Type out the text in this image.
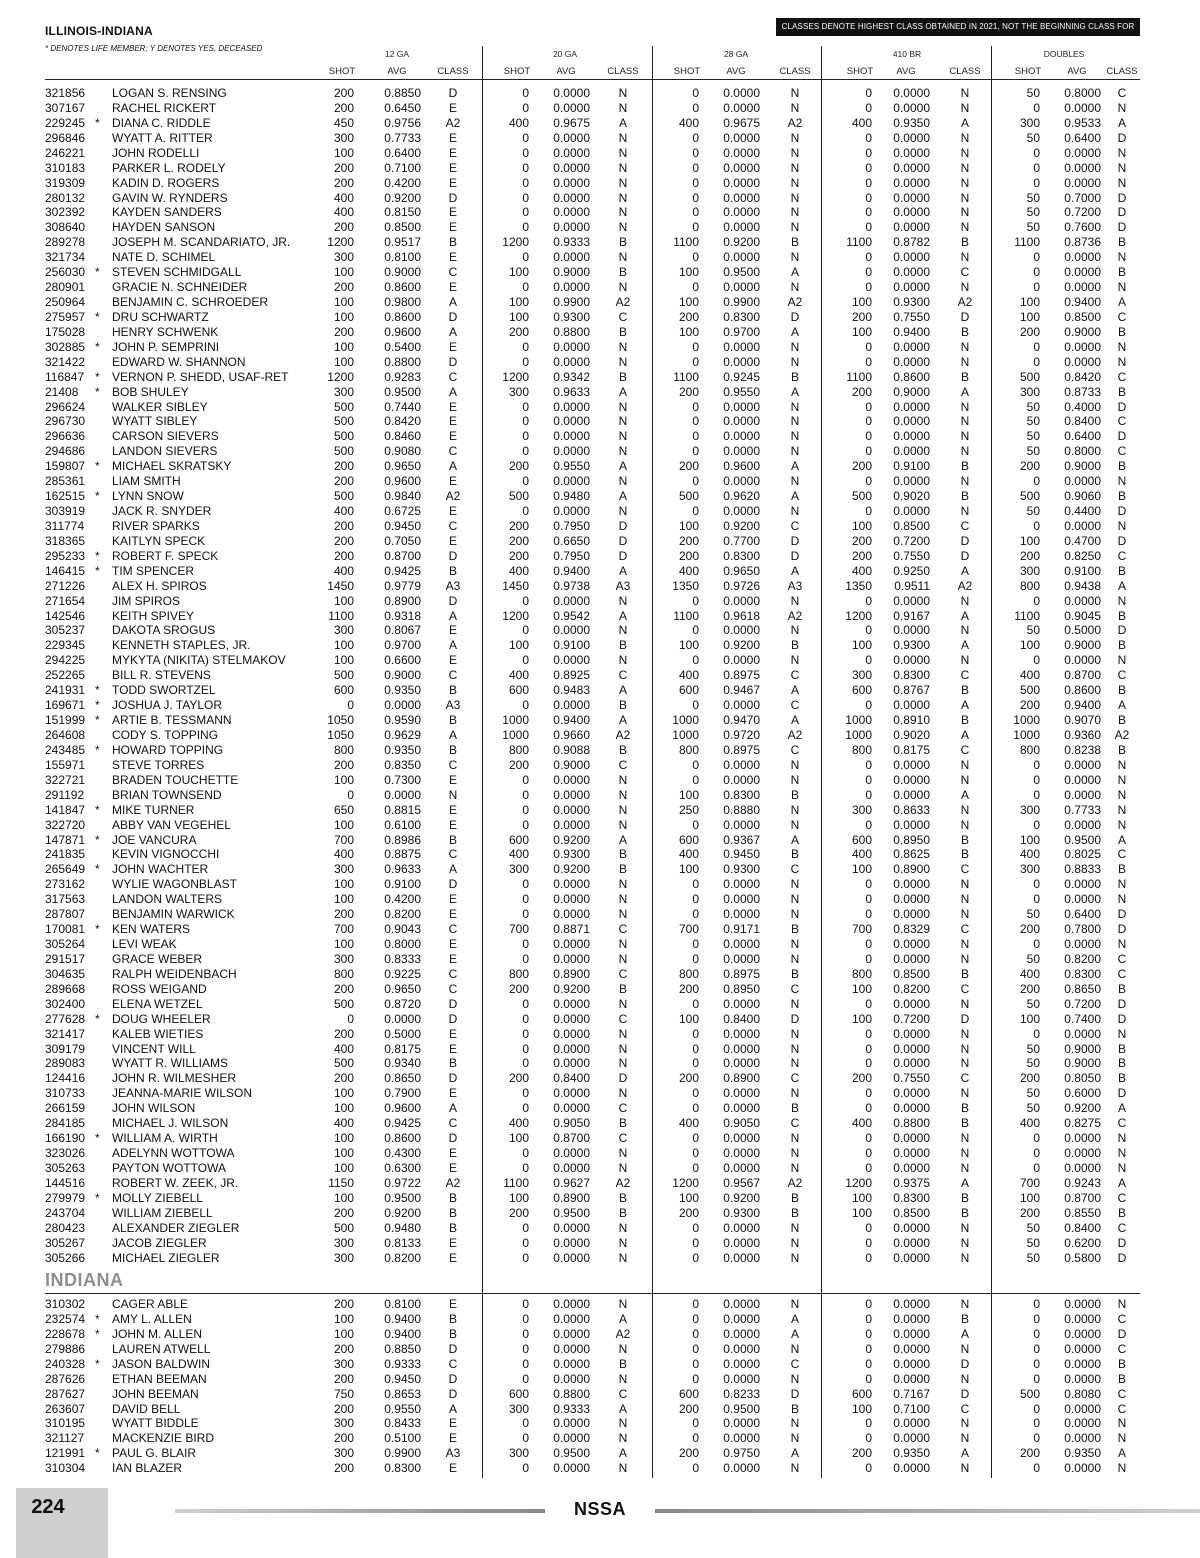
ILLINOIS-INDIANA
* DENOTES LIFE MEMBER; Y DENOTES YES, DECEASED
CLASSES DENOTE HIGHEST CLASS OBTAINED IN 2021, NOT THE BEGINNING CLASS FOR 2022.
12 GA
SHOT	AVG	CLASS
20 GA
SHOT	AVG	CLASS
28 GA
SHOT	AVG	CLASS
410 BR
SHOT AVG	CLASS
DOUBLES
SHOT	AVG CLASS
321856 LOGAN S. RENSING	200	0.8850 D	0	0.0000 N	0	0.0000	N	0	0.0000	N	50	0.8000 C
307167 RACHEL RICKERT	200	0.6450 E	0	0.0000 N	0	0.0000	N	0	0.0000	N	0	0.0000 N
229245 * DIANA C. RIDDLE	450	0.9756 A2	400	0.9675 A	400	0.9675 A2	400	0.9350	A	300	0.9533 A
296846 WYATT A. RITTER	300	0.7733 E	0	0.0000 N	0	0.0000	N	0	0.0000	N	50	0.6400 D
246221 JOHN RODELLI	100	0.6400 E	0	0.0000 N	0	0.0000	N	0	0.0000	N	0	0.0000 N
310183 PARKER L. RODELY	200	0.7100 E	0	0.0000 N	0	0.0000	N	0	0.0000	N	0	0.0000 N
319309 KADIN D. ROGERS	200	0.4200 E	0	0.0000 N	0	0.0000	N	0	0.0000	N	0	0.0000 N
280132 GAVIN W. RYNDERS	400	0.9200 D	0	0.0000 N	0	0.0000	N	0	0.0000	N	50	0.7000 D
302392 KAYDEN SANDERS	400	0.8150 E	0	0.0000 N	0	0.0000	N	0	0.0000	N	50	0.7200 D
308640 HAYDEN SANSON	200	0.8500 E	0	0.0000 N	0	0.0000	N	0	0.0000	N	50	0.7600 D
289278 JOSEPH M. SCANDARIATO, JR.	1200	0.9517 B	1200	0.9333 B	1100	0.9200	B	1100	0.8782	B	1100	0.8736 B
321734 NATE D. SCHIMEL	300	0.8100 E	0	0.0000 N	0	0.0000	N	0	0.0000	N	0	0.0000 N
256030 * STEVEN SCHMIDGALL	100	0.9000 C	100	0.9000 B	100	0.9500	A	0	0.0000	C	0	0.0000 B
280901 GRACIE N. SCHNEIDER	200	0.8600 E	0	0.0000 N	0	0.0000	N	0	0.0000	N	0	0.0000 N
250964 BENJAMIN C. SCHROEDER	100	0.9800 A	100	0.9900 A2	100	0.9900 A2	100	0.9300 A2	100	0.9400 A
275957 * DRU SCHWARTZ	100	0.8600 D	100	0.9300 C	200	0.8300	D	200	0.7550	D	100	0.8500 C
175028 HENRY SCHWENK	200	0.9600 A	200	0.8800 B	100	0.9700	A	100	0.9400	B	200	0.9000 B
302885 * JOHN P. SEMPRINI	100	0.5400 E	0	0.0000 N	0	0.0000	N	0	0.0000	N	0	0.0000 N
321422 EDWARD W. SHANNON	100	0.8800 D	0	0.0000 N	0	0.0000	N	0	0.0000	N	0	0.0000 N
116847 * VERNON P. SHEDD, USAF-RET	1200	0.9283 C	1200	0.9342 B	1100	0.9245	B	1100	0.8600	B	500	0.8420 C
21408 * BOB SHULEY	300	0.9500 A	300	0.9633 A	200	0.9550	A	200	0.9000	A	300	0.8733 B
296624 WALKER SIBLEY	500	0.7440 E	0	0.0000 N	0	0.0000	N	0	0.0000	N	50	0.4000 D
296730 WYATT SIBLEY	500	0.8420 E	0	0.0000 N	0	0.0000	N	0	0.0000	N	50	0.8400 C
296636 CARSON SIEVERS	500	0.8460 E	0	0.0000 N	0	0.0000	N	0	0.0000	N	50	0.6400 D
294686 LANDON SIEVERS	500	0.9080 C	0	0.0000 N	0	0.0000	N	0	0.0000	N	50	0.8000 C
159807 * MICHAEL SKRATSKY	200	0.9650 A	200	0.9550 A	200	0.9600	A	200	0.9100	B	200	0.9000 B
285361 LIAM SMITH	200	0.9600 E	0	0.0000 N	0	0.0000	N	0	0.0000	N	0	0.0000 N
162515 * LYNN SNOW	500	0.9840 A2	500	0.9480 A	500	0.9620	A	500	0.9020	B	500	0.9060 B
303919 JACK R. SNYDER	400	0.6725 E	0	0.0000 N	0	0.0000	N	0	0.0000	N	50	0.4400 D
311774 RIVER SPARKS	200	0.9450 C	200	0.7950 D	100	0.9200	C	100	0.8500	C	0	0.0000 N
318365 KAITLYN SPECK	200	0.7050 E	200	0.6650 D	200	0.7700	D	200	0.7200	D	100	0.4700 D
295233 * ROBERT F. SPECK	200	0.8700 D	200	0.7950 D	200	0.8300	D	200	0.7550	D	200	0.8250 C
146415 * TIM SPENCER	400	0.9425 B	400	0.9400 A	400	0.9650	A	400	0.9250	A	300	0.9100 B
271226 ALEX H. SPIROS	1450	0.9779 A3	1450	0.9738 A3	1350	0.9726 A3	1350	0.9511 A2	800	0.9438 A
271654 JIM SPIROS	100	0.8900 D	0	0.0000 N	0	0.0000	N	0	0.0000	N	0	0.0000 N
142546 KEITH SPIVEY	1100	0.9318 A	1200	0.9542 A	1100	0.9618 A2	1200	0.9167	A	1100	0.9045 B
305237 DAKOTA SROGUS	300	0.8067 E	0	0.0000 N	0	0.0000	N	0	0.0000	N	50	0.5000 D
229345 KENNETH STAPLES, JR.	100	0.9700 A	100	0.9100 B	100	0.9200	B	100	0.9300	A	100	0.9000 B
294225 MYKYTA (NIKITA) STELMAKOV	100	0.6600 E	0	0.0000 N	0	0.0000	N	0	0.0000	N	0	0.0000 N
252265 BILL R. STEVENS	500	0.9000 C	400	0.8925 C	400	0.8975	C	300	0.8300	C	400	0.8700 C
241931 * TODD SWORTZEL	600	0.9350 B	600	0.9483 A	600	0.9467	A	600	0.8767	B	500	0.8600 B
169671 * JOSHUA J. TAYLOR	0	0.0000 A3	0	0.0000 B	0	0.0000	C	0	0.0000	A	200	0.9400 A
151999 * ARTIE B. TESSMANN	1050	0.9590 B	1000	0.9400 A	1000	0.9470	A	1000	0.8910	B	1000	0.9070 B
264608 CODY S. TOPPING	1050	0.9629 A	1000	0.9660 A2	1000	0.9720 A2	1000	0.9020	A	1000	0.9360 A2
243485 * HOWARD TOPPING	800	0.9350 B	800	0.9088 B	800	0.8975	C	800	0.8175	C	800	0.8238 B
155971 STEVE TORRES	200	0.8350 C	200	0.9000 C	0	0.0000	N	0	0.0000	N	0	0.0000 N
322721 BRADEN TOUCHETTE	100	0.7300 E	0	0.0000 N	0	0.0000	N	0	0.0000	N	0	0.0000 N
291192 BRIAN TOWNSEND	0	0.0000 N	0	0.0000 N	100	0.8300	B	0	0.0000	A	0	0.0000 N
141847 * MIKE TURNER	650	0.8815 E	0	0.0000 N	250	0.8880	N	300	0.8633	N	300	0.7733 N
322720 ABBY VAN VEGEHEL	100	0.6100 E	0	0.0000 N	0	0.0000	N	0	0.0000	N	0	0.0000 N
147871 * JOE VANCURA	700	0.8986 B	600	0.9200 A	600	0.9367	A	600	0.8950	B	100	0.9500 A
241835 KEVIN VIGNOCCHI	400	0.8875 C	400	0.9300 B	400	0.9450	B	400	0.8625	B	400	0.8025 C
265649 * JOHN WACHTER	300	0.9633 A	300	0.9200 B	100	0.9300	C	100	0.8900	C	300	0.8833 B
273162 WYLIE WAGONBLAST	100	0.9100 D	0	0.0000 N	0	0.0000	N	0	0.0000	N	0	0.0000 N
317563 LANDON WALTERS	100	0.4200 E	0	0.0000 N	0	0.0000	N	0	0.0000	N	0	0.0000 N
287807 BENJAMIN WARWICK	200	0.8200 E	0	0.0000 N	0	0.0000	N	0	0.0000	N	50	0.6400 D
170081 * KEN WATERS	700	0.9043 C	700	0.8871 C	700	0.9171	B	700	0.8329	C	200	0.7800 D
305264 LEVI WEAK	100	0.8000 E	0	0.0000 N	0	0.0000	N	0	0.0000	N	0	0.0000 N
291517 GRACE WEBER	300	0.8333 E	0	0.0000 N	0	0.0000	N	0	0.0000	N	50	0.8200 C
304635 RALPH WEIDENBACH	800	0.9225 C	800	0.8900 C	800	0.8975	B	800	0.8500	B	400	0.8300 C
289668 ROSS WEIGAND	200	0.9650 C	200	0.9200 B	200	0.8950	C	100	0.8200	C	200	0.8650 B
302400 ELENA WETZEL	500	0.8720 D	0	0.0000 N	0	0.0000	N	0	0.0000	N	50	0.7200 D
277628 * DOUG WHEELER	0	0.0000 D	0	0.0000 C	100	0.8400	D	100	0.7200	D	100	0.7400 D
321417 KALEB WIETIES	200	0.5000 E	0	0.0000 N	0	0.0000	N	0	0.0000	N	0	0.0000 N
309179 VINCENT WILL	400	0.8175 E	0	0.0000 N	0	0.0000	N	0	0.0000	N	50	0.9000 B
289083 WYATT R. WILLIAMS	500	0.9340 B	0	0.0000 N	0	0.0000	N	0	0.0000	N	50	0.9000 B
124416 JOHN R. WILMESHER	200	0.8650 D	200	0.8400 D	200	0.8900	C	200	0.7550	C	200	0.8050 B
310733 JEANNA-MARIE WILSON	100	0.7900 E	0	0.0000 N	0	0.0000	N	0	0.0000	N	50	0.6000 D
266159 JOHN WILSON	100	0.9600 A	0	0.0000 C	0	0.0000	B	0	0.0000	B	50	0.9200 A
284185 MICHAEL J. WILSON	400	0.9425 C	400	0.9050 B	400	0.9050	C	400	0.8800	B	400	0.8275 C
166190 * WILLIAM A. WIRTH	100	0.8600 D	100	0.8700 C	0	0.0000	N	0	0.0000	N	0	0.0000 N
323026 ADELYNN WOTTOWA	100	0.4300 E	0	0.0000 N	0	0.0000	N	0	0.0000	N	0	0.0000 N
305263 PAYTON WOTTOWA	100	0.6300 E	0	0.0000 N	0	0.0000	N	0	0.0000	N	0	0.0000 N
144516 ROBERT W. ZEEK, JR.	1150	0.9722 A2	1100	0.9627 A2	1200	0.9567 A2	1200	0.9375	A	700	0.9243 A
279979 * MOLLY ZIEBELL	100	0.9500 B	100	0.8900 B	100	0.9200	B	100	0.8300	B	100	0.8700 C
243704 WILLIAM ZIEBELL	200	0.9200 B	200	0.9500 B	200	0.9300	B	100	0.8500	B	200	0.8550 B
280423 ALEXANDER ZIEGLER	500	0.9480 B	0	0.0000 N	0	0.0000	N	0	0.0000	N	50	0.8400 C
305267 JACOB ZIEGLER	300	0.8133 E	0	0.0000 N	0	0.0000	N	0	0.0000	N	50	0.6200 D
305266 MICHAEL ZIEGLER	300	0.8200 E	0	0.0000 N	0	0.0000	N	0	0.0000	N	50	0.5800 D
INDIANA
310302 CAGER ABLE	200	0.8100 E	0	0.0000 N	0	0.0000	N	0	0.0000	N	0	0.0000 N
232574 * AMY L. ALLEN	100	0.9400 B	0	0.0000 A	0	0.0000	A	0	0.0000	B	0	0.0000 C
228678 * JOHN M. ALLEN	100	0.9400 B	0	0.0000 A2	0	0.0000	A	0	0.0000	A	0	0.0000 D
279886 LAUREN ATWELL	200	0.8850 D	0	0.0000 N	0	0.0000	N	0	0.0000	N	0	0.0000 C
240328 * JASON BALDWIN	300	0.9333 C	0	0.0000 B	0	0.0000	C	0	0.0000	D	0	0.0000 B
287626 ETHAN BEEMAN	200	0.9450 D	0	0.0000 N	0	0.0000	N	0	0.0000	N	0	0.0000 B
287627 JOHN BEEMAN	750	0.8653 D	600	0.8800 C	600	0.8233	D	600	0.7167	D	500	0.8080 C
263607 DAVID BELL	200	0.9550 A	300	0.9333 A	200	0.9500	B	100	0.7100	C	0	0.0000 C
310195 WYATT BIDDLE	300	0.8433 E	0	0.0000 N	0	0.0000	N	0	0.0000	N	0	0.0000 N
321127 MACKENZIE BIRD	200	0.5100 E	0	0.0000 N	0	0.0000	N	0	0.0000	N	0	0.0000 N
121991 * PAUL G. BLAIR	300	0.9900 A3	300	0.9500 A	200	0.9750	A	200	0.9350	A	200	0.9350 A
310304 IAN BLAZER	200	0.8300 E	0	0.0000 N	0	0.0000	N	0	0.0000	N	0	0.0000 N
224	NSSA
